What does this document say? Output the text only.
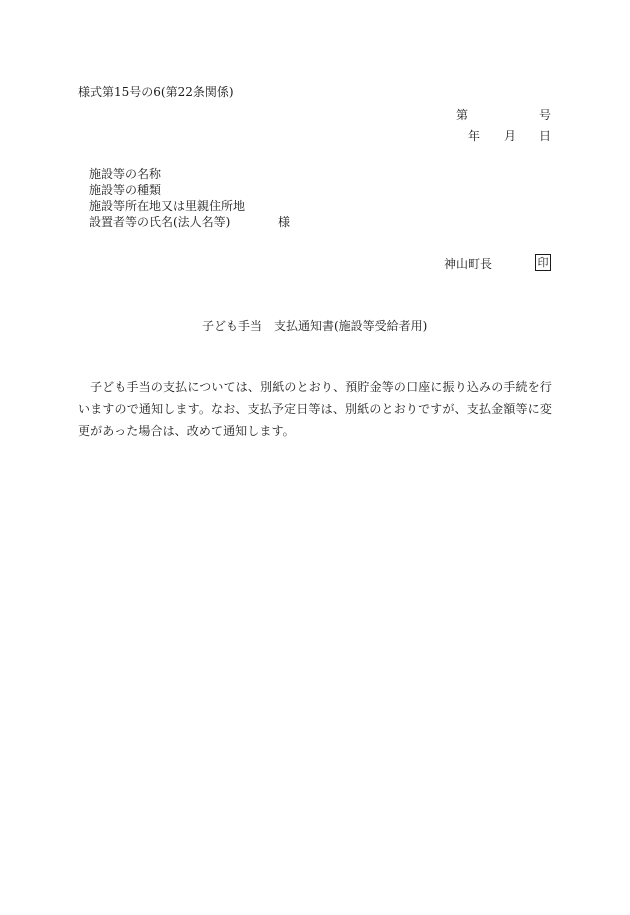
様式第15号の6(第22条関係)
第	号
年 月 日
施設等の名称
施設等の種類
施設等所在地又は里親住所地
設置者等の氏名(法人名等)	様
神山町長	印
子ども手当　支払通知書(施設等受給者用)
子ども手当の支払については、別紙のとおり、預貯金等の口座に振り込みの手続を行いますので通知します。なお、支払予定日等は、別紙のとおりですが、支払金額等に変更があった場合は、改めて通知します。
